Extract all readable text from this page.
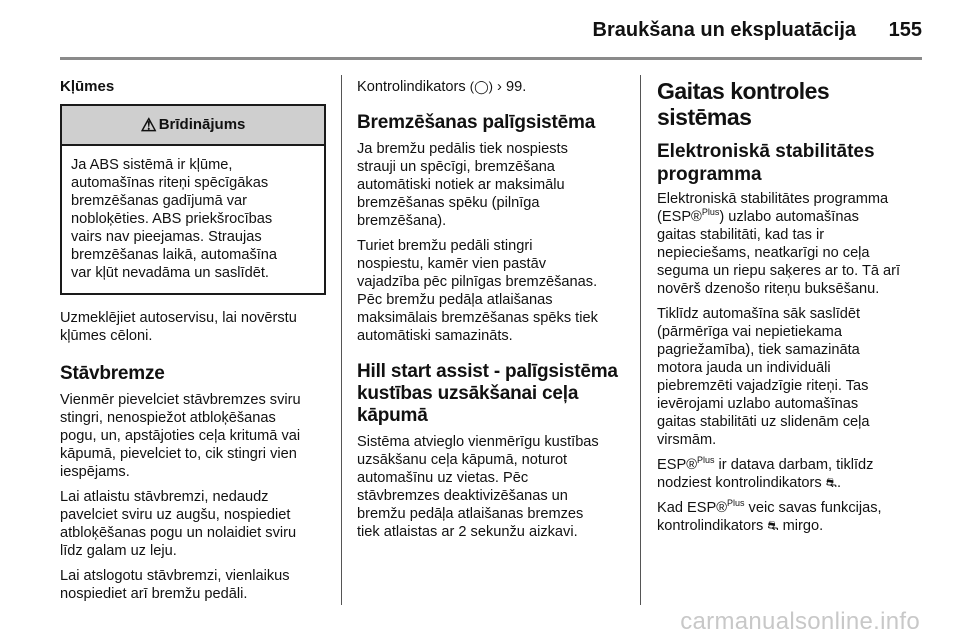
Braukšana un ekspluatācija 155
Kļūmes
⚠ Brīdinājums
Ja ABS sistēmā ir kļūme,
automašīnas riteņi spēcīgākas
bremzēšanas gadījumā var
nobloķēties. ABS priekšrocības
vairs nav pieejamas. Straujas
bremzēšanas laikā, automašīna
var kļūt nevadāma un saslīdēt.

Uzmeklējiet autoservisu, lai novērstu
kļūmes cēloni.

Stāvbremze

Vienmēr pievelciet stāvbremzes sviru
stingri, nenospiežot atbloķēšanas
pogu, un, apstājoties ceļa kritumā vai
kāpumā, pievelciet to, cik stingri vien
iespējams.

Lai atlaistu stāvbremzi, nedaudz
pavelciet sviru uz augšu, nospiediet
atbloķēšanas pogu un nolaidiet sviru
līdz galam uz leju.

Lai atslogotu stāvbremzi, vienlaikus
nospiediet arī bremžu pedāli.

Kontrolindikators (◯) › 99.

Bremzēšanas palīgsistēma

Ja bremžu pedālis tiek nospiests
strauji un spēcīgi, bremzēšana
automātiski notiek ar maksimālu
bremzēšanas spēku (pilnīga
bremzēšana).

Turiet bremžu pedāli stingri
nospiestu, kamēr vien pastāv
vajadzība pēc pilnīgas bremzēšanas.
Pēc bremžu pedāļa atlaišanas
maksimālais bremzēšanas spēks tiek
automātiski samazināts.

Hill start assist - palīgsistēma
kustības uzsākšanai ceļa
kāpumā

Sistēma atvieglo vienmērīgu kustības
uzsākšanu ceļa kāpumā, noturot
automašīnu uz vietas. Pēc
stāvbremzes deaktivizēšanas un
bremžu pedāļa atlaišanas bremzes
tiek atlaistas ar 2 sekunžu aizkavi.

Gaitas kontroles sistēmas
Elektroniskā stabilitātes
programma

Elektroniskā stabilitātes programma
(ESP®$^{Plus}$) uzlabo automašīnas
gaitas stabilitāti, kad tas ir
nepieciešams, neatkarīgi no ceļa
seguma un riepu saķeres ar to. Tā arī
novērš dzenošo riteņu buksēšanu.

Tiklīdz automašīna sāk saslīdēt
(pārmērīga vai nepietiekama
pagriežamība), tiek samazināta
motora jauda un individuāli
piebremzēti vajadzīgie riteņi. Tas
ievērojami uzlabo automašīnas
gaitas stabilitāti uz slidenām ceļa
virsmām.

ESP®$^{Plus}$ ir datava darbam, tiklīdz
nodziest kontrolindikators ⛐.

Kad ESP®$^{Plus}$ veic savas funkcijas,
kontrolindikators ⛐ mirgo.

carmanualsonline.info
